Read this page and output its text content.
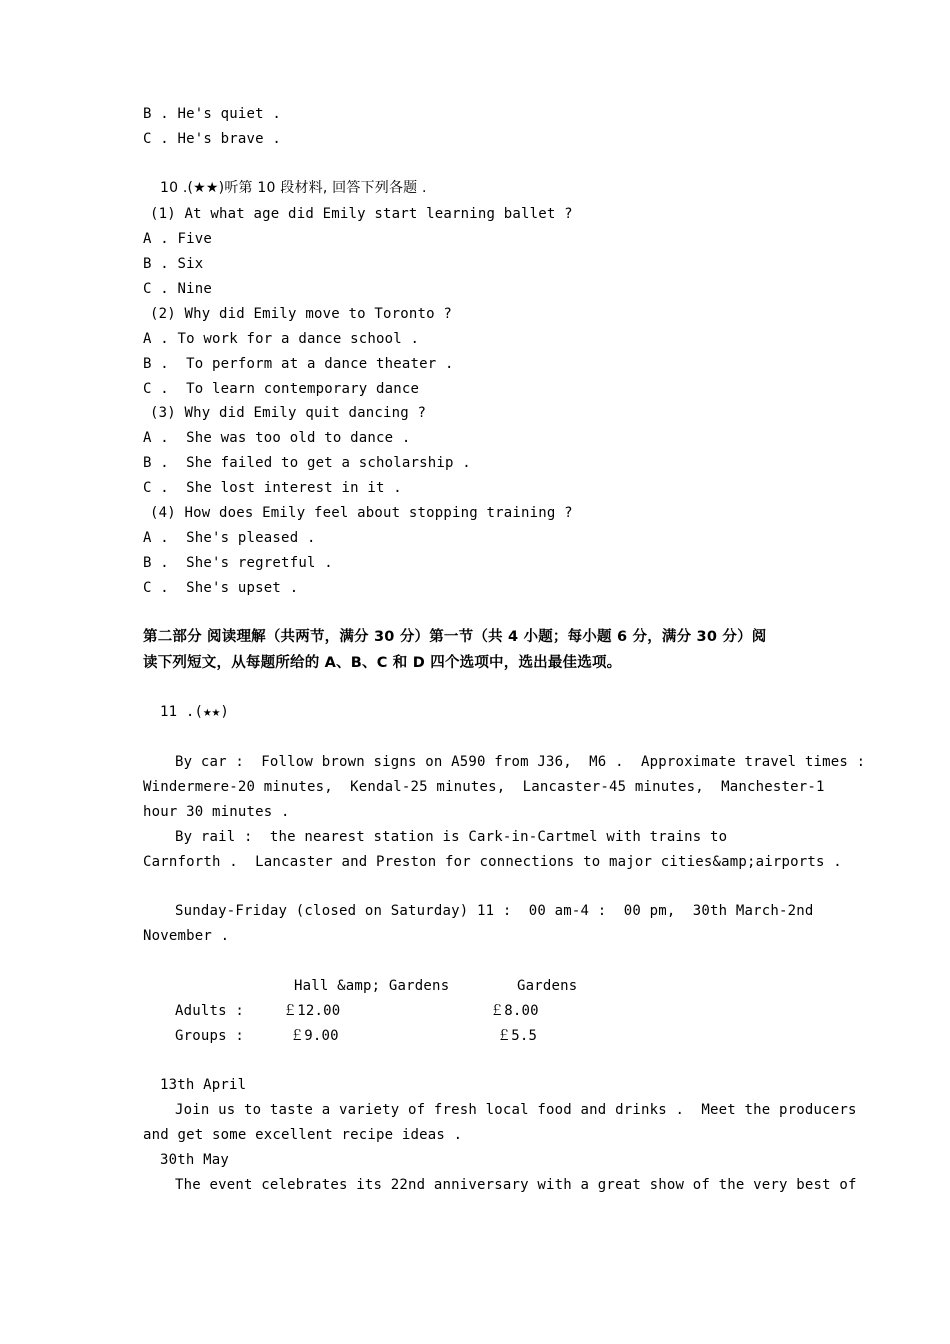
B . He's quiet .
C . He's brave .
10 .(★★)听第 10 段材料, 回答下列各题 .
(1) At what age did Emily start learning ballet ?
A . Five
B . Six
C . Nine
(2) Why did Emily move to Toronto ?
A . To work for a dance school .
B .  To perform at a dance theater .
C .  To learn contemporary dance
(3) Why did Emily quit dancing ?
A .  She was too old to dance .
B .  She failed to get a scholarship .
C .  She lost interest in it .
(4) How does Emily feel about stopping training ?
A .  She's pleased .
B .  She's regretful .
C .  She's upset .
第二部分 阅读理解（共两节，满分 30 分）第一节（共 4 小题；每小题 6 分，满分 30 分）阅
读下列短文，从每题所给的 A、B、C 和 D 四个选项中，选出最佳选项。
11 .(★★)
By car :  Follow brown signs on A590 from J36,  M6 .  Approximate travel times :
Windermere-20 minutes,  Kendal-25 minutes,  Lancaster-45 minutes,  Manchester-1
hour 30 minutes .
By rail :  the nearest station is Cark-in-Cartmel with trains to
Carnforth .  Lancaster and Preston for connections to major cities&amp;airports .
Sunday-Friday (closed on Saturday) 11 :  00 am-4 :  00 pm,  30th March-2nd
November .
Hall &amp; Gardens	Gardens
Adults :	￡12.00	￡8.00
Groups :	￡9.00	￡5.5
13th April
Join us to taste a variety of fresh local food and drinks .  Meet the producers
and get some excellent recipe ideas .
30th May
The event celebrates its 22nd anniversary with a great show of the very best of
